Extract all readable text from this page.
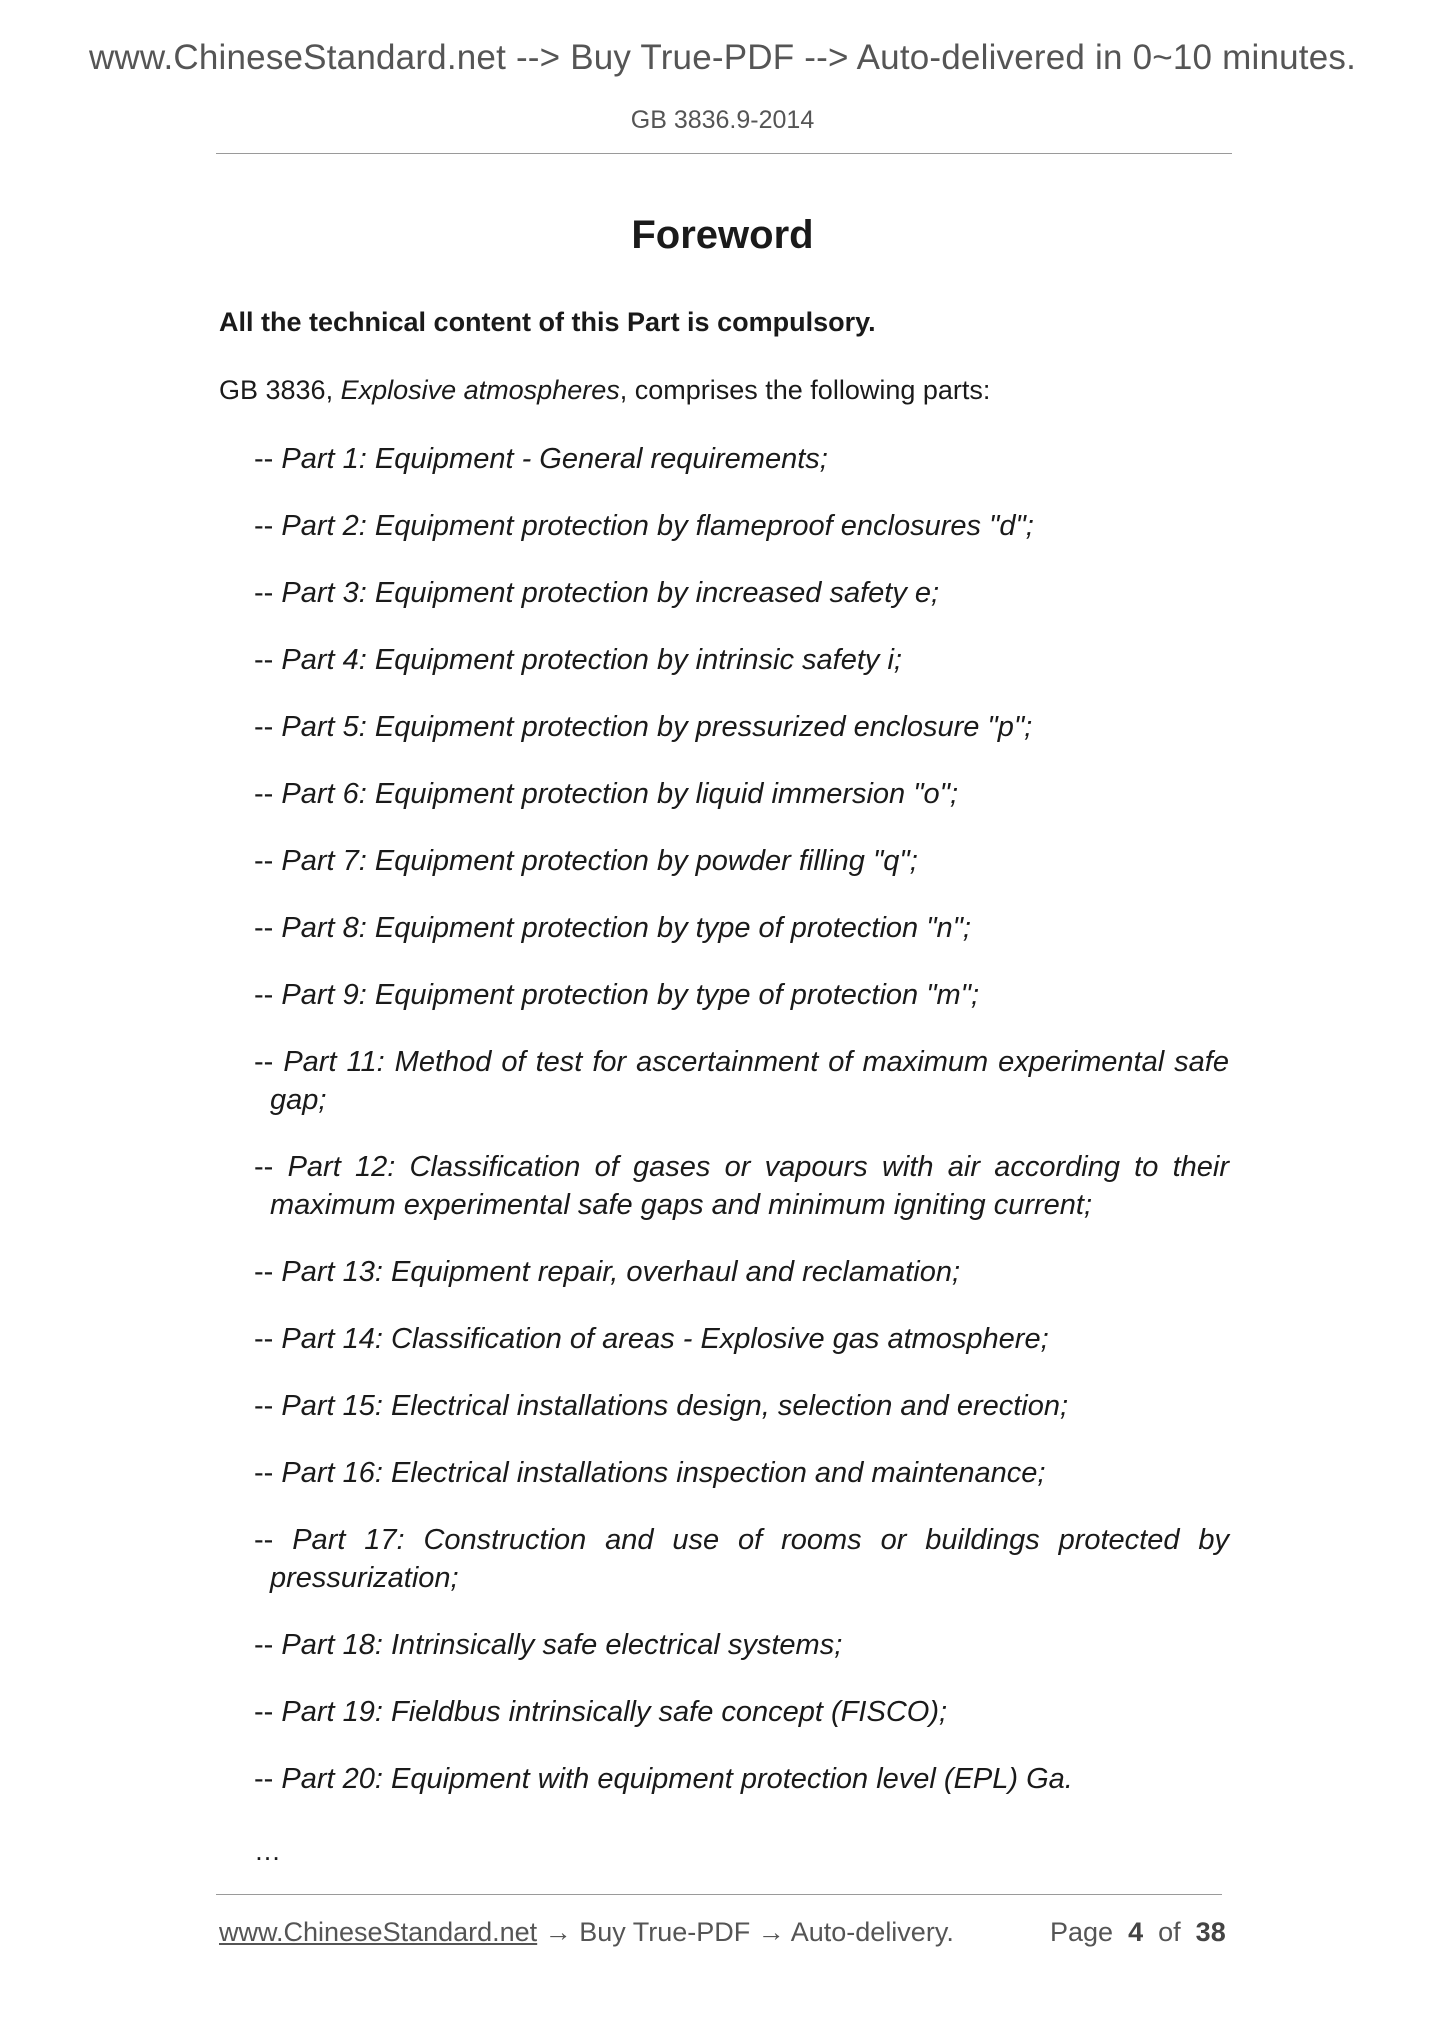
www.ChineseStandard.net --> Buy True-PDF --> Auto-delivered in 0~10 minutes.
GB 3836.9-2014
Foreword
All the technical content of this Part is compulsory.
GB 3836, Explosive atmospheres, comprises the following parts:
-- Part 1: Equipment - General requirements;
-- Part 2: Equipment protection by flameproof enclosures "d";
-- Part 3: Equipment protection by increased safety e;
-- Part 4: Equipment protection by intrinsic safety i;
-- Part 5: Equipment protection by pressurized enclosure "p";
-- Part 6: Equipment protection by liquid immersion "o";
-- Part 7: Equipment protection by powder filling "q";
-- Part 8: Equipment protection by type of protection "n";
-- Part 9: Equipment protection by type of protection "m";
-- Part 11: Method of test for ascertainment of maximum experimental safe gap;
-- Part 12: Classification of gases or vapours with air according to their maximum experimental safe gaps and minimum igniting current;
-- Part 13: Equipment repair, overhaul and reclamation;
-- Part 14: Classification of areas - Explosive gas atmosphere;
-- Part 15: Electrical installations design, selection and erection;
-- Part 16: Electrical installations inspection and maintenance;
-- Part 17: Construction and use of rooms or buildings protected by pressurization;
-- Part 18: Intrinsically safe electrical systems;
-- Part 19: Fieldbus intrinsically safe concept (FISCO);
-- Part 20: Equipment with equipment protection level (EPL) Ga.
…
www.ChineseStandard.net → Buy True-PDF → Auto-delivery.	Page 4 of 38
